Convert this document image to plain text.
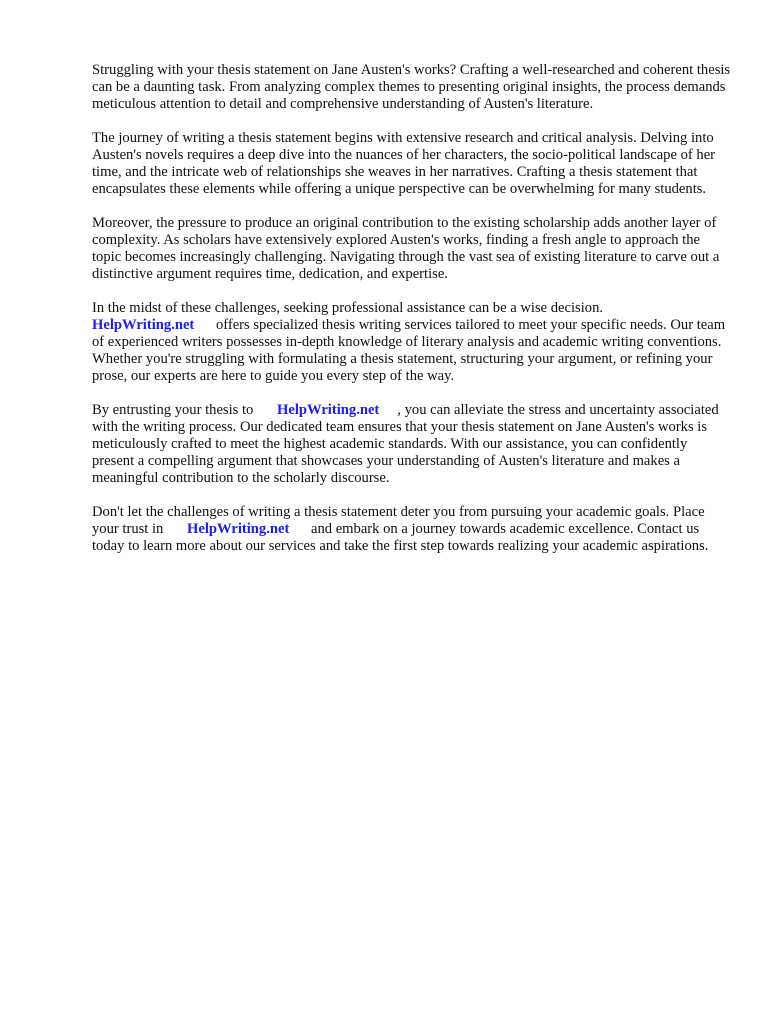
Struggling with your thesis statement on Jane Austen's works? Crafting a well-researched and coherent thesis can be a daunting task. From analyzing complex themes to presenting original insights, the process demands meticulous attention to detail and comprehensive understanding of Austen's literature.

The journey of writing a thesis statement begins with extensive research and critical analysis. Delving into Austen's novels requires a deep dive into the nuances of her characters, the socio-political landscape of her time, and the intricate web of relationships she weaves in her narratives. Crafting a thesis statement that encapsulates these elements while offering a unique perspective can be overwhelming for many students.

Moreover, the pressure to produce an original contribution to the existing scholarship adds another layer of complexity. As scholars have extensively explored Austen's works, finding a fresh angle to approach the topic becomes increasingly challenging. Navigating through the vast sea of existing literature to carve out a distinctive argument requires time, dedication, and expertise.

In the midst of these challenges, seeking professional assistance can be a wise decision.
HelpWriting.net offers specialized thesis writing services tailored to meet your specific needs. Our team of experienced writers possesses in-depth knowledge of literary analysis and academic writing conventions. Whether you're struggling with formulating a thesis statement, structuring your argument, or refining your prose, our experts are here to guide you every step of the way.

By entrusting your thesis to HelpWriting.net , you can alleviate the stress and uncertainty associated with the writing process. Our dedicated team ensures that your thesis statement on Jane Austen's works is meticulously crafted to meet the highest academic standards. With our assistance, you can confidently present a compelling argument that showcases your understanding of Austen's literature and makes a meaningful contribution to the scholarly discourse.

Don't let the challenges of writing a thesis statement deter you from pursuing your academic goals. Place your trust in HelpWriting.net and embark on a journey towards academic excellence. Contact us today to learn more about our services and take the first step towards realizing your academic aspirations.
